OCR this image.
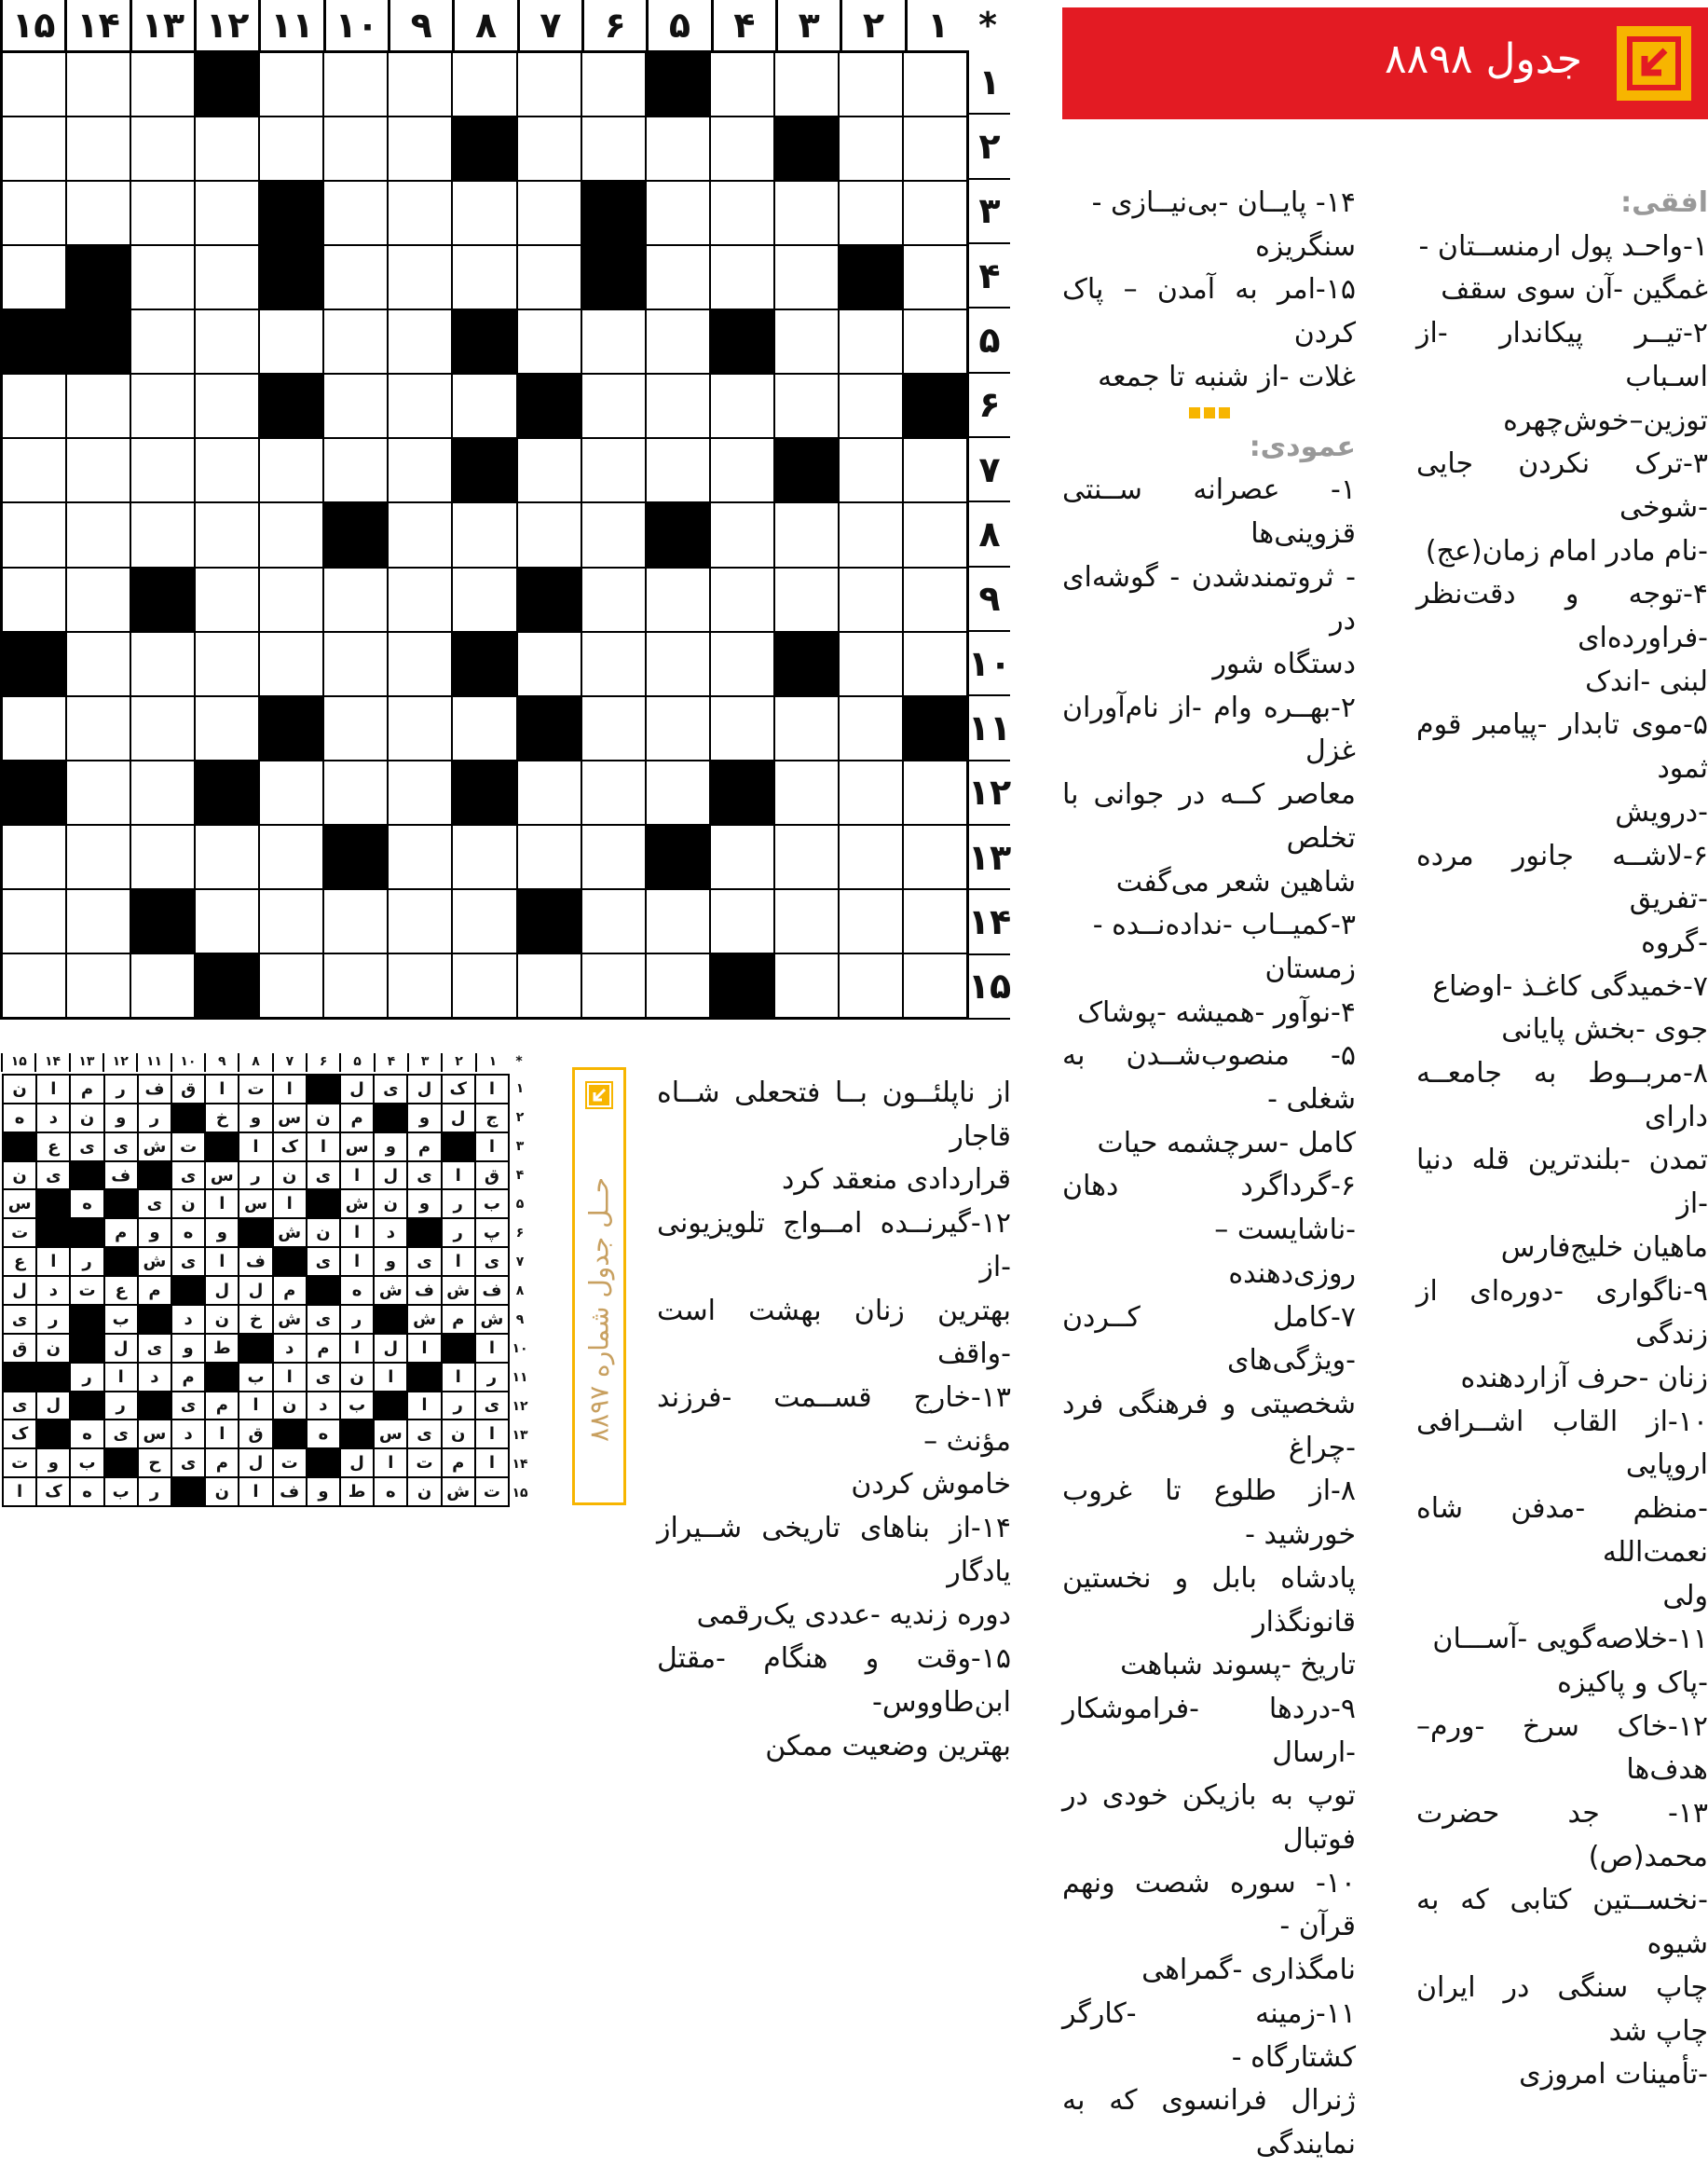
*
۱
۲
۳
۴
۵
۶
۷
۸
۹
۱۰
۱۱
۱۲
۱۳
۱۴
۱۵
۱
۲
۳
۴
۵
۶
۷
۸
۹
۱۰
۱۱
۱۲
۱۳
۱۴
۱۵
جدول ۸۸۹۸
افقی:
۱-واحـد پول ارمنســتان -
غمگین -آن سوی سقف
۲-تیــر پیکاندار -از اسـباب
توزین–خوش‌چهره
۳-ترک نکردن جایی -شوخی
-نام مادر امام زمان(عج)
۴-توجه و دقت‌نظر -فراورده‌ای
لبنی -اندک
۵-موی تابدار -پیامبر قوم ثمود
-درویش
۶-لاشــه جانور مرده -تفریق
-گروه
۷-خمیدگی کاغـذ -اوضاع
جوی -بخش پایانی
۸-مربــوط به جامعــه دارای
تمدن -بلندترین قله دنیا -از
ماهیان خلیج‌فارس
۹-ناگواری -دوره‌ای از زندگی
زنان -حرف آزاردهنده
۱۰-از القاب اشــرافی اروپایی
-منظم -مدفن شاه نعمت‌الله
ولی
۱۱-خلاصه‌گویی -آســـان
-پاک و پاکیزه
۱۲-خاک سرخ -ورم–هدف‌ها
۱۳- جد حضرت محمد(ص)
-نخســتین کتابی که به شیوه
چاپ سنگی در ایران چاپ شد
-تأمینات امروزی
۱۴- پایــان -بی‌نیــازی -
سنگریزه
۱۵-امر به آمدن – پاک کردن
غلات -از شنبه تا جمعه
عمودی:
۱- عصرانه ســنتی قزوینی‌ها
- ثروتمندشدن - گوشه‌ای در
دستگاه شور
۲-بهــره وام -از نام‌آوران غزل
معاصر کــه در جوانی با تخلص
شاهین شعر می‌گفت
۳-کمیــاب -نداده‌نــده -
زمستان
۴-نوآور -همیشه -پوشاک
۵- منصوب‌شــدن به شغلی -
کامل -سرچشمه حیات
۶-گرداگرد دهان -ناشایست –
روزی‌دهنده
۷-کامل کــردن -ویژگی‌های
شخصیتی و فرهنگی فرد -چراغ
۸-از طلوع تا غروب خورشید -
پادشاه بابل و نخستین قانونگذار
تاریخ -پسوند شباهت
۹-دردها -فراموشکار -ارسال
توپ به بازیکن خودی در فوتبال
۱۰- سوره شصت ونهم قرآن -
نامگذاری -گمراهی
۱۱-زمینه -کارگر کشتارگاه -
ژنرال فرانسوی که به نمایندگی
از ناپلئــون بــا فتحعلی شــاه قاجار
قراردادی منعقد کرد
۱۲-گیرنــده امــواج تلویزیونی -از
بهترین زنان بهشت است -واقف
۱۳-خارج قســمت -فرزند مؤنث –
خاموش کردن
۱۴-از بناهای تاریخی شــیراز یادگار
دوره زندیه -عددی یک‌رقمی
۱۵-وقت و هنگام -مقتل ابن‌طاووس-
بهترین وضعیت ممکن
*
۱
۲
۳
۴
۵
۶
۷
۸
۹
۱۰
۱۱
۱۲
۱۳
۱۴
۱۵
ا
ک
ل
ی
ل
ا
ت
ا
ق
ف
ر
م
ا
ن
ج
ل
و
م
ن
س
و
خ
ر
و
ن
د
ه
ا
م
و
س
ا
ک
ا
ت
ش
ی
ی
ع
ق
ا
ی
ل
ا
ی
ن
ر
س
ی
ف
ی
ن
ب
ر
و
ن
ش
ا
س
ا
ن
ی
ه
س
پ
ر
د
ا
ن
ش
و
ه
و
م
ت
ی
ا
ی
و
ا
ی
ف
ا
ی
ش
ر
ا
ع
ف
ش
ف
ش
ه
م
ل
ل
م
ع
ت
د
ل
ش
م
ش
ر
ی
ش
خ
ن
د
ب
ر
ی
ا
ا
ل
ا
م
د
ط
و
ی
ل
ن
ق
ر
ا
ا
ن
ی
ا
ب
م
د
ا
ر
ی
ر
ا
ب
د
ن
ا
م
ی
ر
ل
ی
ا
ن
ی
س
ه
ق
ا
د
س
ی
ه
ک
ا
م
ت
ا
ل
ت
ل
م
ی
ح
ب
و
ت
ت
ش
ن
ه
ط
و
ف
ا
ن
ر
ب
ه
ک
ا
۱
۲
۳
۴
۵
۶
۷
۸
۹
۱۰
۱۱
۱۲
۱۳
۱۴
۱۵
حــل جدول شماره ۸۸۹۷
